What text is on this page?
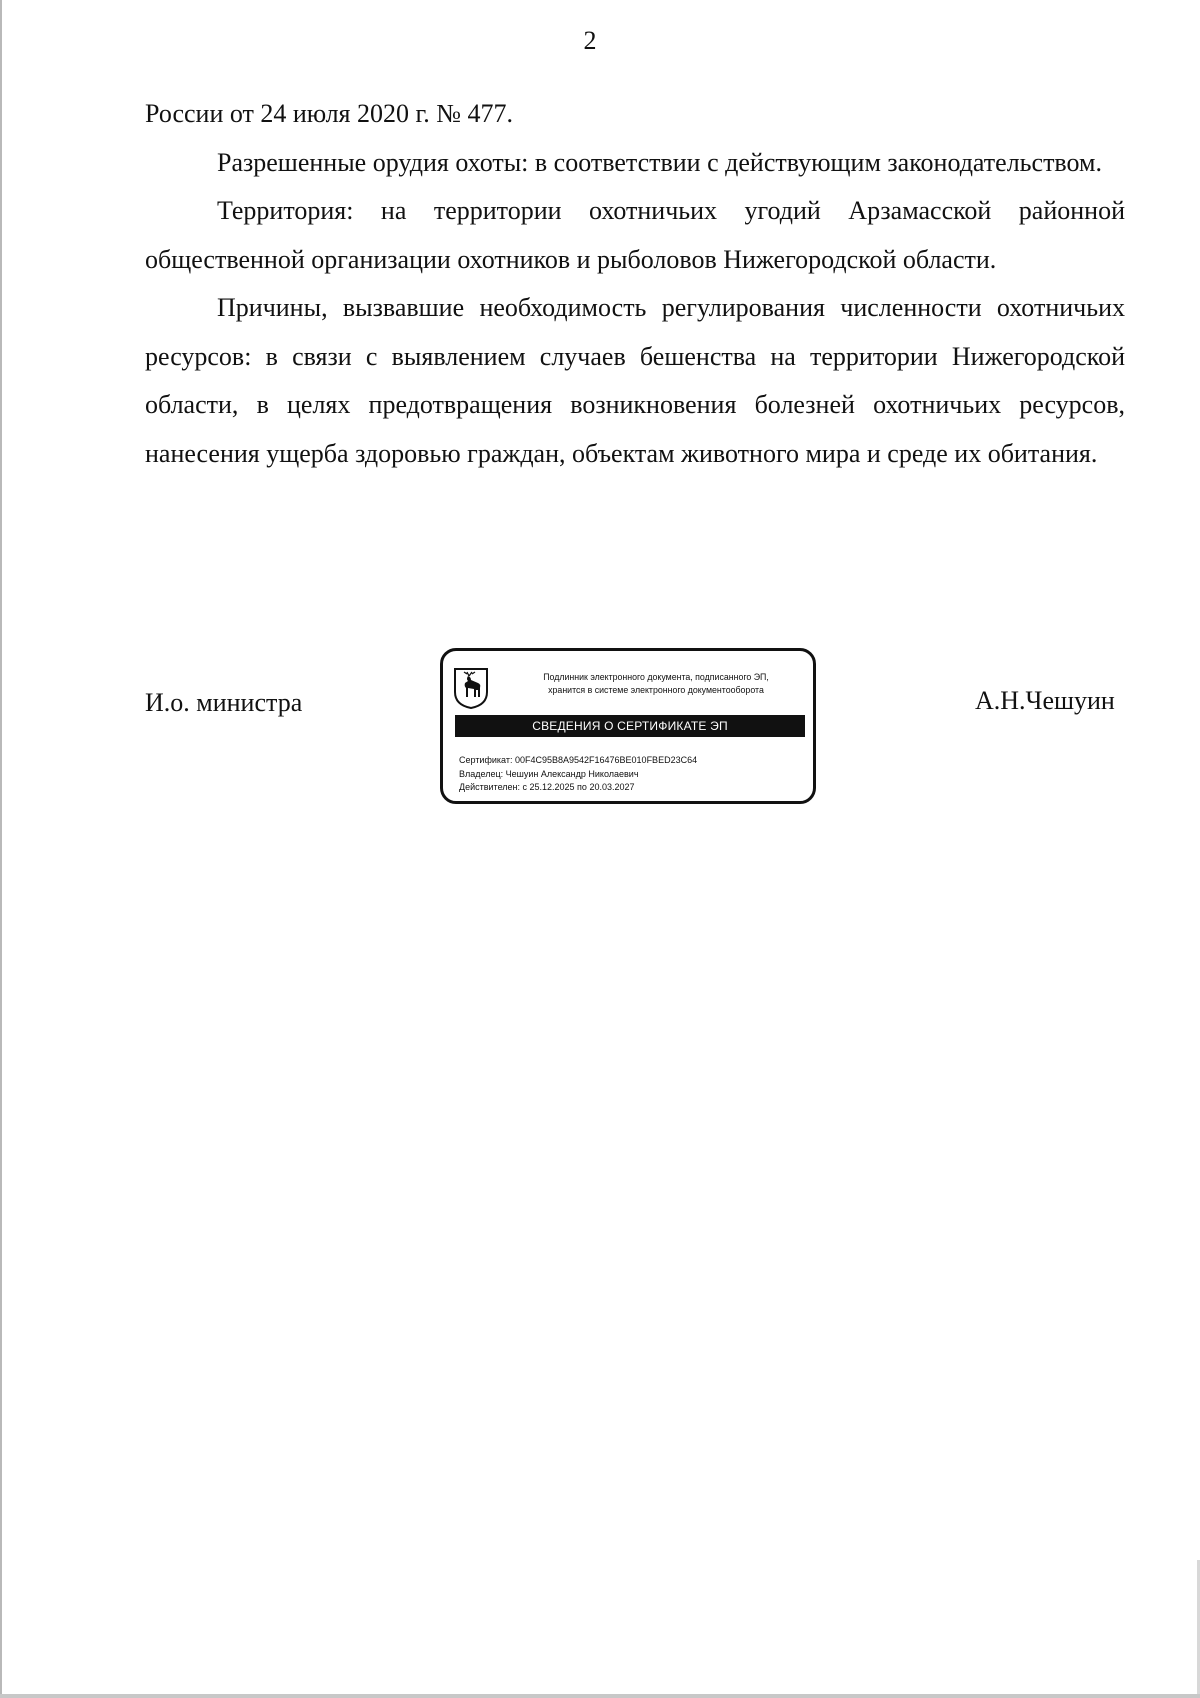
2

России от 24 июля 2020 г. № 477.

Разрешенные орудия охоты: в соответствии с действующим законодательством.

Территория: на территории охотничьих угодий Арзамасской районной общественной организации охотников и рыболовов Нижегородской области.

Причины, вызвавшие необходимость регулирования численности охотничьих ресурсов: в связи с выявлением случаев бешенства на территории Нижегородской области, в целях предотвращения возникновения болезней охотничьих ресурсов, нанесения ущерба здоровью граждан, объектам животного мира и среде их обитания.

И.о. министра	А.Н.Чешуин
Подлинник электронного документа, подписанного ЭП,
хранится в системе электронного документооборота
СВЕДЕНИЯ О СЕРТИФИКАТЕ ЭП
Сертификат: 00F4C95B8A9542F16476BE010FBED23C64
Владелец: Чешуин Александр Николаевич
Действителен: с 25.12.2025 по 20.03.2027
